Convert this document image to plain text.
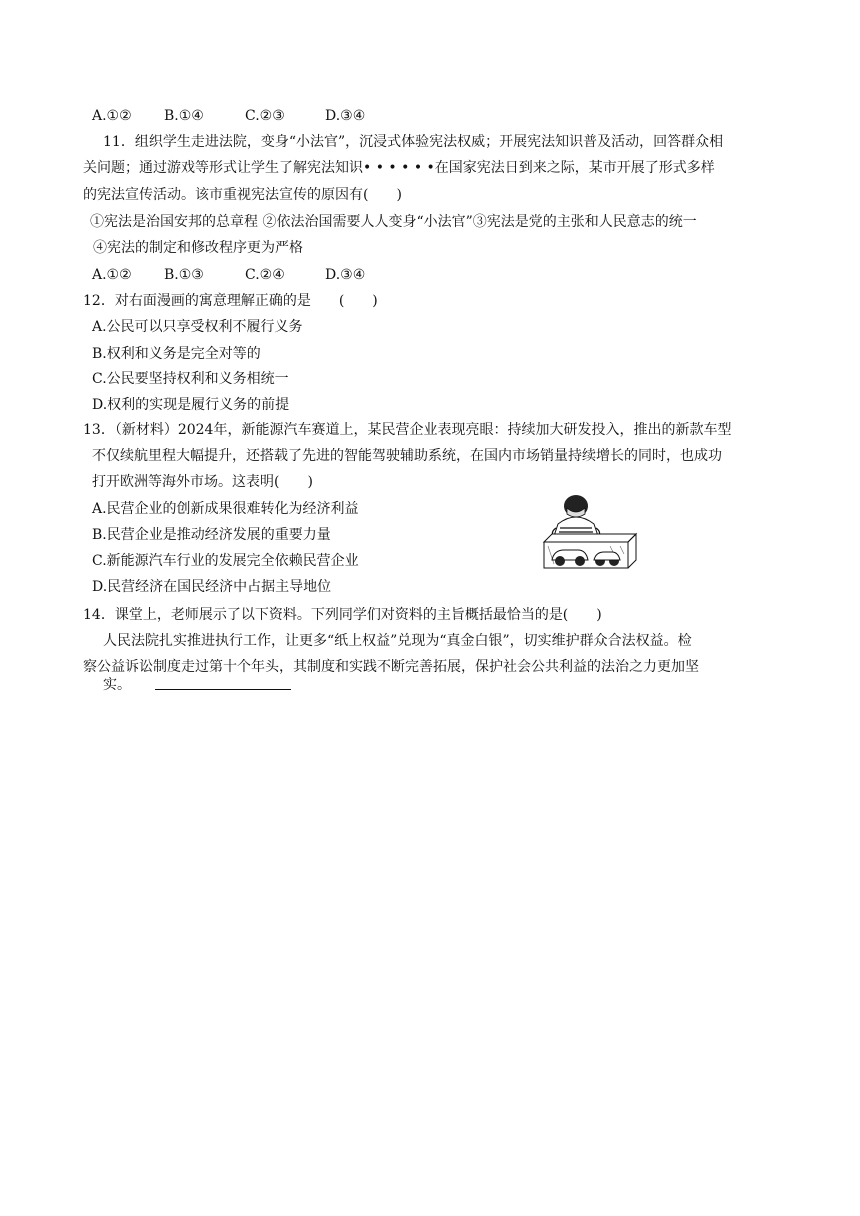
A.①② B.①④	C.②③	D.③④
11．组织学生走进法院，变身“小法官”，沉浸式体验宪法权威；开展宪法知识普及活动，回答群众相
关问题；通过游戏等形式让学生了解宪法知识• • • • • •在国家宪法日到来之际，某市开展了形式多样
的宪法宣传活动。该市重视宪法宣传的原因有(　　)
①宪法是治国安邦的总章程 ②依法治国需要人人变身“小法官”③宪法是党的主张和人民意志的统一
④宪法的制定和修改程序更为严格
A.①② B.①③	C.②④	D.③④
12．对右面漫画的寓意理解正确的是　　(　　)
A.公民可以只享受权利不履行义务
B.权利和义务是完全对等的
C.公民要坚持权利和义务相统一
D.权利的实现是履行义务的前提
13．（新材料）2024年，新能源汽车赛道上，某民营企业表现亮眼：持续加大研发投入，推出的新款车型
不仅续航里程大幅提升，还搭载了先进的智能驾驶辅助系统，在国内市场销量持续增长的同时，也成功
打开欧洲等海外市场。这表明(　　)
A.民营企业的创新成果很难转化为经济利益
B.民营企业是推动经济发展的重要力量
C.新能源汽车行业的发展完全依赖民营企业
D.民营经济在国民经济中占据主导地位
14．课堂上，老师展示了以下资料。下列同学们对资料的主旨概括最恰当的是(　　)
人民法院扎实推进执行工作，让更多“纸上权益”兑现为“真金白银”，切实维护群众合法权益。检
察公益诉讼制度走过第十个年头，其制度和实践不断完善拓展，保护社会公共利益的法治之力更加坚
实。
